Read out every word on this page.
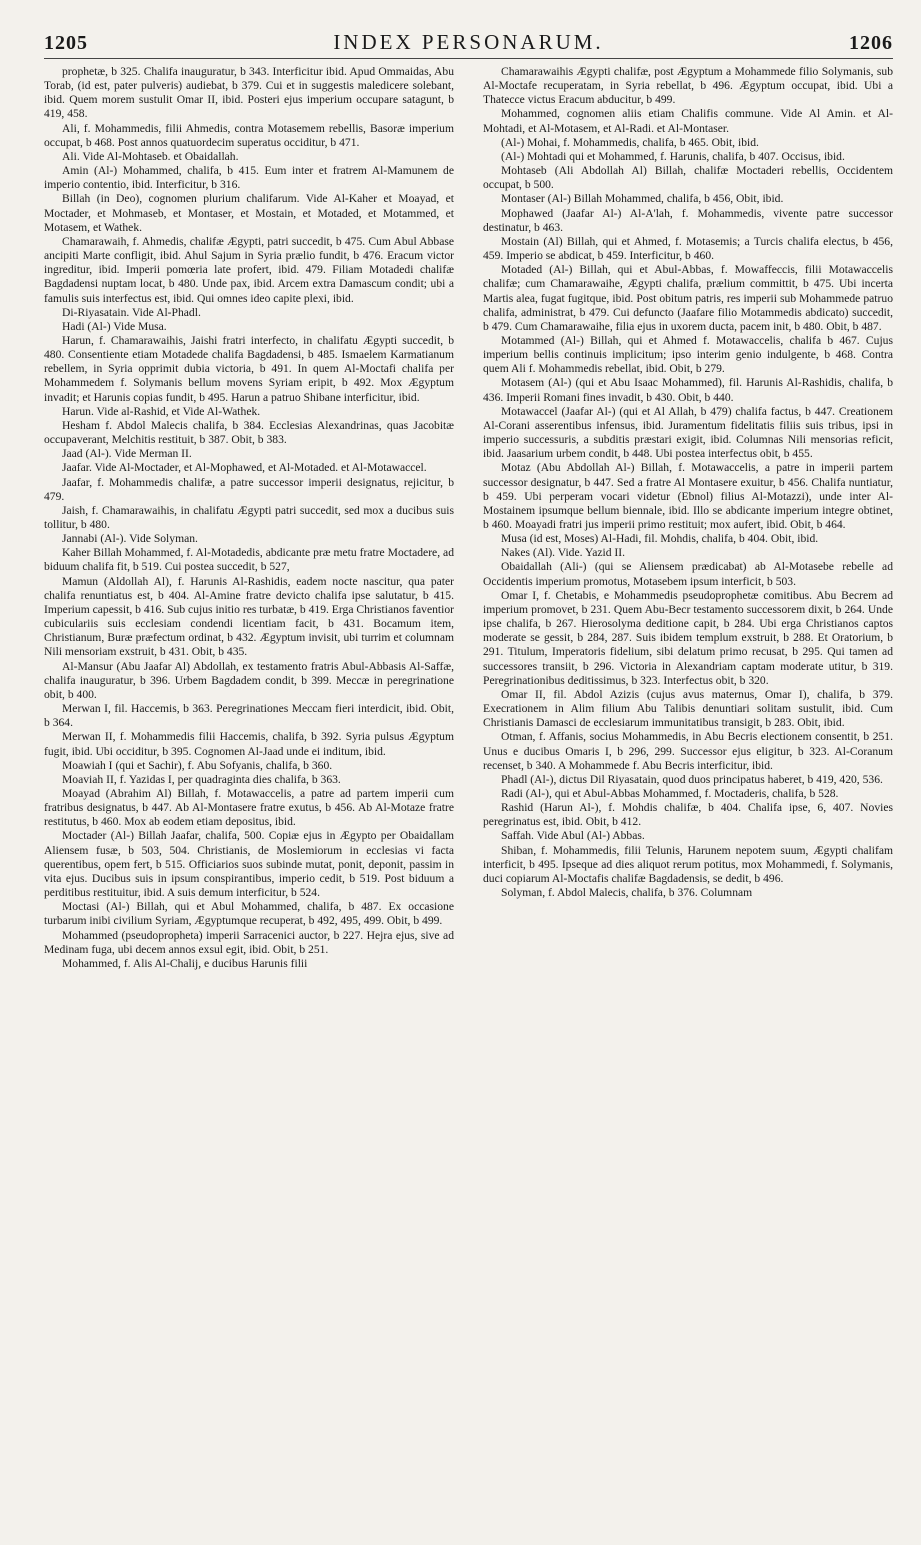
1205	INDEX PERSONARUM.	1206

prophetæ, b 325. Chalifa inauguratur, b 343. Interficitur ibid. Apud Ommaidas, Abu Torab, (id est, pater pulveris) audiebat, b 379. Cui et in suggestis maledicere solebant, ibid. Quem morem sustulit Omar II, ibid. Posteri ejus imperium occupare satagunt, b 419, 458.

Ali, f. Mohammedis, filii Ahmedis, contra Motasemem rebellis, Basoræ imperium occupat, b 468. Post annos quatuordecim superatus occiditur, b 471.

Ali. Vide Al-Mohtaseb. et Obaidallah.

Amin (Al-) Mohammed, chalifa, b 415. Eum inter et fratrem Al-Mamunem de imperio contentio, ibid. Interficitur, b 316.

Billah (in Deo), cognomen plurium chalifarum. Vide Al-Kaher et Moayad, et Moctader, et Mohmaseb, et Montaser, et Mostain, et Motaded, et Motammed, et Motasem, et Wathek.

Chamarawaih, f. Ahmedis, chalifæ Ægypti, patri succedit, b 475. Cum Abul Abbase ancipiti Marte confligit, ibid. Ahul Sajum in Syria prælio fundit, b 476. Eracum victor ingreditur, ibid. Imperii pomœria late profert, ibid. 479. Filiam Motadedi chalifæ Bagdadensi nuptam locat, b 480. Unde pax, ibid. Arcem extra Damascum condit; ubi a famulis suis interfectus est, ibid. Qui omnes ideo capite plexi, ibid.

Di-Riyasatain. Vide Al-Phadl.

Hadi (Al-) Vide Musa.

Harun, f. Chamarawaihis, Jaishi fratri interfecto, in chalifatu Ægypti succedit, b 480. Consentiente etiam Motadede chalifa Bagdadensi, b 485. Ismaelem Karmatianum rebellem, in Syria opprimit dubia victoria, b 491. In quem Al-Moctafi chalifa per Mohammedem f. Solymanis bellum movens Syriam eripit, b 492. Mox Ægyptum invadit; et Harunis copias fundit, b 495. Harun a patruo Shibane interficitur, ibid.

Harun. Vide al-Rashid, et Vide Al-Wathek.

Hesham f. Abdol Malecis chalifa, b 384. Ecclesias Alexandrinas, quas Jacobitæ occupaverant, Melchitis restituit, b 387. Obit, b 383.

Jaad (Al-). Vide Merman II.

Jaafar. Vide Al-Moctader, et Al-Mophawed, et Al-Motaded. et Al-Motawaccel.

Jaafar, f. Mohammedis chalifæ, a patre successor imperii designatus, rejicitur, b 479.

Jaish, f. Chamarawaihis, in chalifatu Ægypti patri succedit, sed mox a ducibus suis tollitur, b 480.

Jannabi (Al-). Vide Solyman.

Kaher Billah Mohammed, f. Al-Motadedis, abdicante præ metu fratre Moctadere, ad biduum chalifa fit, b 519. Cui postea succedit, b 527,

Mamun (Aldollah Al), f. Harunis Al-Rashidis, eadem nocte nascitur, qua pater chalifa renuntiatus est, b 404. Al-Amine fratre devicto chalifa ipse salutatur, b 415. Imperium capessit, b 416. Sub cujus initio res turbatæ, b 419. Erga Christianos faventior cubiculariis suis ecclesiam condendi licentiam facit, b 431. Bocamum item, Christianum, Buræ præfectum ordinat, b 432. Ægyptum invisit, ubi turrim et columnam Nili mensoriam exstruit, b 431. Obit, b 435.

Al-Mansur (Abu Jaafar Al) Abdollah, ex testamento fratris Abul-Abbasis Al-Saffæ, chalifa inauguratur, b 396. Urbem Bagdadem condit, b 399. Meccæ in peregrinatione obit, b 400.

Merwan I, fil. Haccemis, b 363. Peregrinationes Meccam fieri interdicit, ibid. Obit, b 364.

Merwan II, f. Mohammedis filii Haccemis, chalifa, b 392. Syria pulsus Ægyptum fugit, ibid. Ubi occiditur, b 395. Cognomen Al-Jaad unde ei inditum, ibid.

Moawiah I (qui et Sachir), f. Abu Sofyanis, chalifa, b 360.

Moaviah II, f. Yazidas I, per quadraginta dies chalifa, b 363.

Moayad (Abrahim Al) Billah, f. Motawaccelis, a patre ad partem imperii cum fratribus designatus, b 447. Ab Al-Montasere fratre exutus, b 456. Ab Al-Motaze fratre restitutus, b 460. Mox ab eodem etiam depositus, ibid.

Moctader (Al-) Billah Jaafar, chalifa, 500. Copiæ ejus in Ægypto per Obaidallam Aliensem fusæ, b 503, 504. Christianis, de Moslemiorum in ecclesias vi facta querentibus, opem fert, b 515. Officiarios suos subinde mutat, ponit, deponit, passim in vita ejus. Ducibus suis in ipsum conspirantibus, imperio cedit, b 519. Post biduum a perditibus restituitur, ibid. A suis demum interficitur, b 524.

Moctasi (Al-) Billah, qui et Abul Mohammed, chalifa, b 487. Ex occasione turbarum inibi civilium Syriam, Ægyptumque recuperat, b 492, 495, 499. Obit, b 499.

Mohammed (pseudopropheta) imperii Sarracenici auctor, b 227. Hejra ejus, sive ad Medinam fuga, ubi decem annos exsul egit, ibid. Obit, b 251.

Mohammed, f. Alis Al-Chalij, e ducibus Harunis filii

Chamarawaihis Ægypti chalifæ, post Ægyptum a Mohammede filio Solymanis, sub Al-Moctafe recuperatam, in Syria rebellat, b 496. Ægyptum occupat, ibid. Ubi a Thatecce victus Eracum abducitur, b 499.

Mohammed, cognomen aliis etiam Chalifis commune. Vide Al Amin. et Al-Mohtadi, et Al-Motasem, et Al-Radi. et Al-Montaser.

(Al-) Mohai, f. Mohammedis, chalifa, b 465. Obit, ibid.

(Al-) Mohtadi qui et Mohammed, f. Harunis, chalifa, b 407. Occisus, ibid.

Mohtaseb (Ali Abdollah Al) Billah, chalifæ Moctaderi rebellis, Occidentem occupat, b 500.

Montaser (Al-) Billah Mohammed, chalifa, b 456, Obit, ibid.

Mophawed (Jaafar Al-) Al-A'lah, f. Mohammedis, vivente patre successor destinatur, b 463.

Mostain (Al) Billah, qui et Ahmed, f. Motasemis; a Turcis chalifa electus, b 456, 459. Imperio se abdicat, b 459. Interficitur, b 460.

Motaded (Al-) Billah, qui et Abul-Abbas, f. Mowaffeccis, filii Motawaccelis chalifæ; cum Chamarawaihe, Ægypti chalifa, prælium committit, b 475. Ubi incerta Martis alea, fugat fugitque, ibid. Post obitum patris, res imperii sub Mohammede patruo chalifa, administrat, b 479. Cui defuncto (Jaafare filio Motammedis abdicato) succedit, b 479. Cum Chamarawaihe, filia ejus in uxorem ducta, pacem init, b 480. Obit, b 487.

Motammed (Al-) Billah, qui et Ahmed f. Motawaccelis, chalifa b 467. Cujus imperium bellis continuis implicitum; ipso interim genio indulgente, b 468. Contra quem Ali f. Mohammedis rebellat, ibid. Obit, b 279.

Motasem (Al-) (qui et Abu Isaac Mohammed), fil. Harunis Al-Rashidis, chalifa, b 436. Imperii Romani fines invadit, b 430. Obit, b 440.

Motawaccel (Jaafar Al-) (qui et Al Allah, b 479) chalifa factus, b 447. Creationem Al-Corani asserentibus infensus, ibid. Juramentum fidelitatis filiis suis tribus, ipsi in imperio successuris, a subditis præstari exigit, ibid. Columnas Nili mensorias reficit, ibid. Jaasarium urbem condit, b 448. Ubi postea interfectus obit, b 455.

Motaz (Abu Abdollah Al-) Billah, f. Motawaccelis, a patre in imperii partem successor designatur, b 447. Sed a fratre Al Montasere exuitur, b 456. Chalifa nuntiatur, b 459. Ubi perperam vocari videtur (Ebnol) filius Al-Motazzi), unde inter Al-Mostainem ipsumque bellum biennale, ibid. Illo se abdicante imperium integre obtinet, b 460. Moayadi fratri jus imperii primo restituit; mox aufert, ibid. Obit, b 464.

Musa (id est, Moses) Al-Hadi, fil. Mohdis, chalifa, b 404. Obit, ibid.

Nakes (Al). Vide. Yazid II.

Obaidallah (Ali-) (qui se Aliensem prædicabat) ab Al-Motasebe rebelle ad Occidentis imperium promotus, Motasebem ipsum interficit, b 503.

Omar I, f. Chetabis, e Mohammedis pseudoprophetæ comitibus. Abu Becrem ad imperium promovet, b 231. Quem Abu-Becr testamento successorem dixit, b 264. Unde ipse chalifa, b 267. Hierosolyma deditione capit, b 284. Ubi erga Christianos captos moderate se gessit, b 284, 287. Suis ibidem templum exstruit, b 288. Et Oratorium, b 291. Titulum, Imperatoris fidelium, sibi delatum primo recusat, b 295. Qui tamen ad successores transiit, b 296. Victoria in Alexandriam captam moderate utitur, b 319. Peregrinationibus deditissimus, b 323. Interfectus obit, b 320.

Omar II, fil. Abdol Azizis (cujus avus maternus, Omar I), chalifa, b 379. Execrationem in Alim filium Abu Talibis denuntiari solitam sustulit, ibid. Cum Christianis Damasci de ecclesiarum immunitatibus transigit, b 283. Obit, ibid.

Otman, f. Affanis, socius Mohammedis, in Abu Becris electionem consentit, b 251. Unus e ducibus Omaris I, b 296, 299. Successor ejus eligitur, b 323. Al-Coranum recenset, b 340. A Mohammede f. Abu Becris interficitur, ibid.

Phadl (Al-), dictus Dil Riyasatain, quod duos principatus haberet, b 419, 420, 536.

Radi (Al-), qui et Abul-Abbas Mohammed, f. Moctaderis, chalifa, b 528.

Rashid (Harun Al-), f. Mohdis chalifæ, b 404. Chalifa ipse, 6, 407. Novies peregrinatus est, ibid. Obit, b 412.

Saffah. Vide Abul (Al-) Abbas.

Shiban, f. Mohammedis, filii Telunis, Harunem nepotem suum, Ægypti chalifam interficit, b 495. Ipseque ad dies aliquot rerum potitus, mox Mohammedi, f. Solymanis, duci copiarum Al-Moctafis chalifæ Bagdadensis, se dedit, b 496.

Solyman, f. Abdol Malecis, chalifa, b 376. Columnam
